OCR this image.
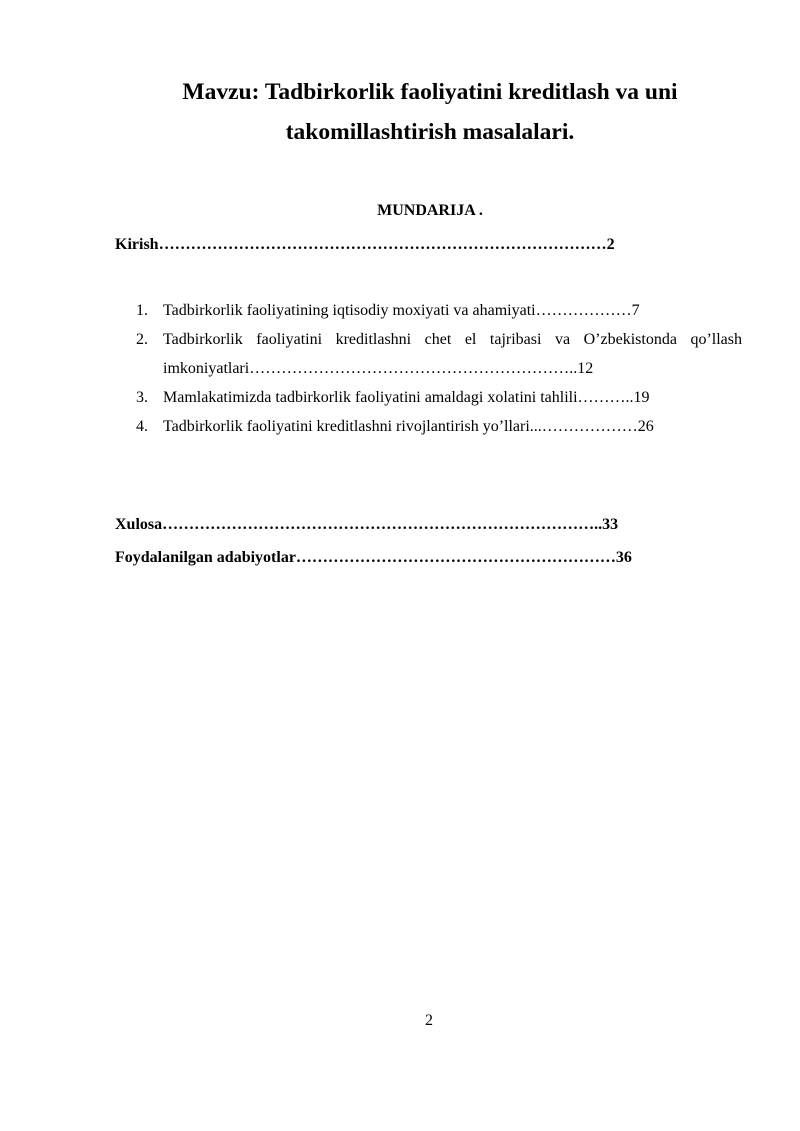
Mavzu: Tadbirkorlik faoliyatini kreditlash va uni
takomillashtirish masalalari.
MUNDARIJA .
Kirish…………………………………………………………………………2
1. Tadbirkorlik faoliyatining iqtisodiy moxiyati va ahamiyati………………7
2. Tadbirkorlik faoliyatini kreditlashni chet el tajribasi va O’zbekistonda qo’llash imkoniyatlari……………………………………………………..12
3. Mamlakatimizda tadbirkorlik faoliyatini amaldagi xolatini tahlili………..19
4. Tadbirkorlik faoliyatini kreditlashni rivojlantirish yo’llari...………………26
Xulosa………………………………………………………………………..33
Foydalanilgan adabiyotlar……………………………………………………36
2
